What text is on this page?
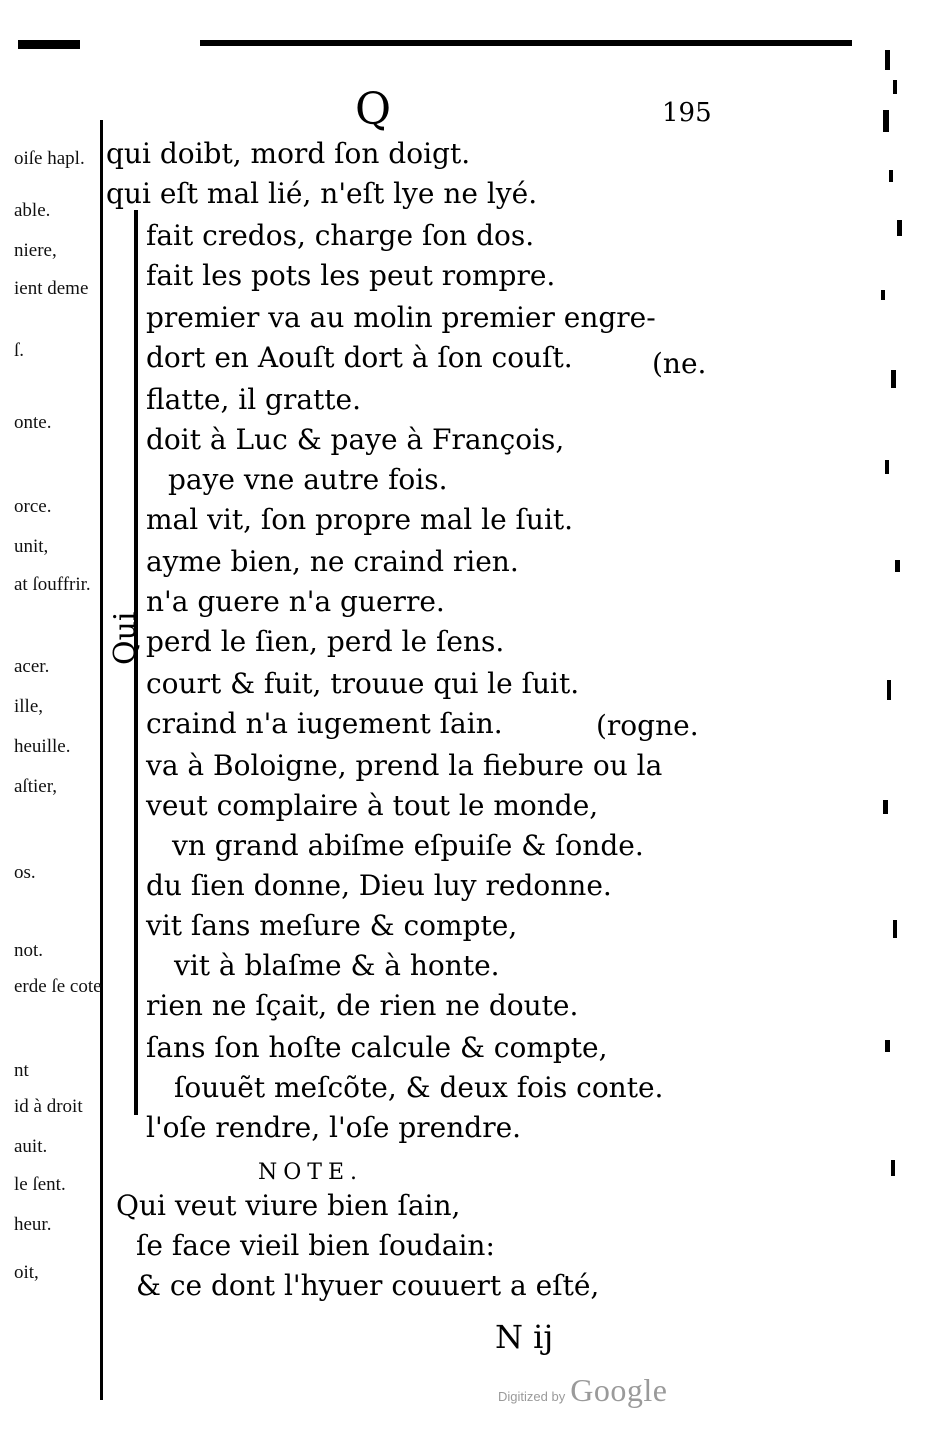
Q	195
oiſe hapl.
able.
niere,
ient deme
ſ.
onte.
orce.
unit,
at ſouffrir.
acer.
ille,
heuille.
aſtier,
os.
not.
erde ſe cote
nt
id à droit
auit.
le ſent.
heur.
oit,
Qui
qui doibt, mord ſon doigt.
qui eſt mal lié, n'eſt lye ne lyé.
fait credos, charge ſon dos.
fait les pots les peut rompre.
premier va au molin premier engre-
dort en Aouſt dort à ſon couſt.	(ne.
flatte, il gratte.
doit à Luc & paye à François,
paye vne autre fois.
mal vit, ſon propre mal le ſuit.
ayme bien, ne craind rien.
n'a guere n'a guerre.
perd le ſien, perd le ſens.
court & fuit, trouue qui le ſuit.
craind n'a iugement ſain.	(rogne.
va à Boloigne, prend la fiebure ou la
veut complaire à tout le monde,
vn grand abiſme eſpuiſe & ſonde.
du ſien donne, Dieu luy redonne.
vit ſans meſure & compte,
vit à blaſme & à honte.
rien ne ſçait, de rien ne doute.
ſans ſon hoſte calcule & compte,
ſouuẽt meſcõte, & deux fois conte.
l'oſe rendre, l'oſe prendre.
NOTE.
Qui veut viure bien ſain,
ſe face vieil bien ſoudain:
& ce dont l'hyuer couuert a eſté,
N ij
Digitized by Google
